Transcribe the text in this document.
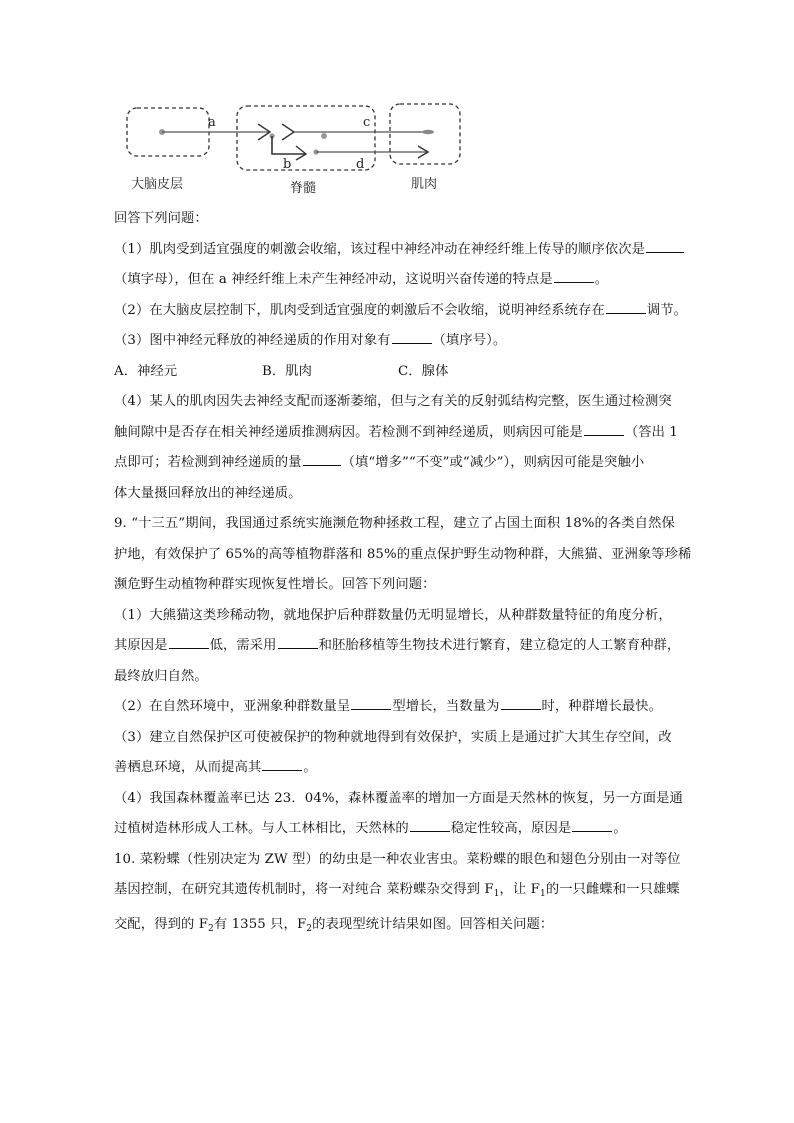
a
b
c
d
大脑皮层	脊髓	肌肉
回答下列问题：
（1）肌肉受到适宜强度的刺激会收缩，该过程中神经冲动在神经纤维上传导的顺序依次是
（填字母），但在 a 神经纤维上未产生神经冲动，这说明兴奋传递的特点是	。
（2）在大脑皮层控制下，肌肉受到适宜强度的刺激后不会收缩，说明神经系统存在	调节。
（3）图中神经元释放的神经递质的作用对象有	（填序号）。
A．神经元	B．肌肉	C．腺体
（4）某人的肌肉因失去神经支配而逐渐萎缩，但与之有关的反射弧结构完整，医生通过检测突
触间隙中是否存在相关神经递质推测病因。若检测不到神经递质，则病因可能是	（答出 1
点即可；若检测到神经递质的量	（填“增多”“不变”或“减少”），则病因可能是突触小
体大量摄回释放出的神经递质。
9. “十三五”期间，我国通过系统实施濒危物种拯救工程，建立了占国土面积 18%的各类自然保
护地，有效保护了 65%的高等植物群落和 85%的重点保护野生动物种群，大熊猫、亚洲象等珍稀
濒危野生动植物种群实现恢复性增长。回答下列问题：
（1）大熊猫这类珍稀动物，就地保护后种群数量仍无明显增长，从种群数量特征的角度分析，
其原因是	低，需采用	和胚胎移植等生物技术进行繁育，建立稳定的人工繁育种群，
最终放归自然。
（2）在自然环境中，亚洲象种群数量呈	型增长，当数量为	时，种群增长最快。
（3）建立自然保护区可使被保护的物种就地得到有效保护，实质上是通过扩大其生存空间，改
善栖息环境，从而提高其	。
（4）我国森林覆盖率已达 23．04%，森林覆盖率的增加一方面是天然林的恢复，另一方面是通
过植树造林形成人工林。与人工林相比，天然林的	稳定性较高，原因是	。
10. 菜粉蝶（性别决定为 ZW 型）的幼虫是一种农业害虫。菜粉蝶的眼色和翅色分别由一对等位
基因控制，在研究其遗传机制时，将一对纯合 菜粉蝶杂交得到 $F_1$，让 $F_1$的一只雌蝶和一只雄蝶
交配，得到的 $F_2$有 1355 只，$F_2$的表现型统计结果如图。回答相关问题：
